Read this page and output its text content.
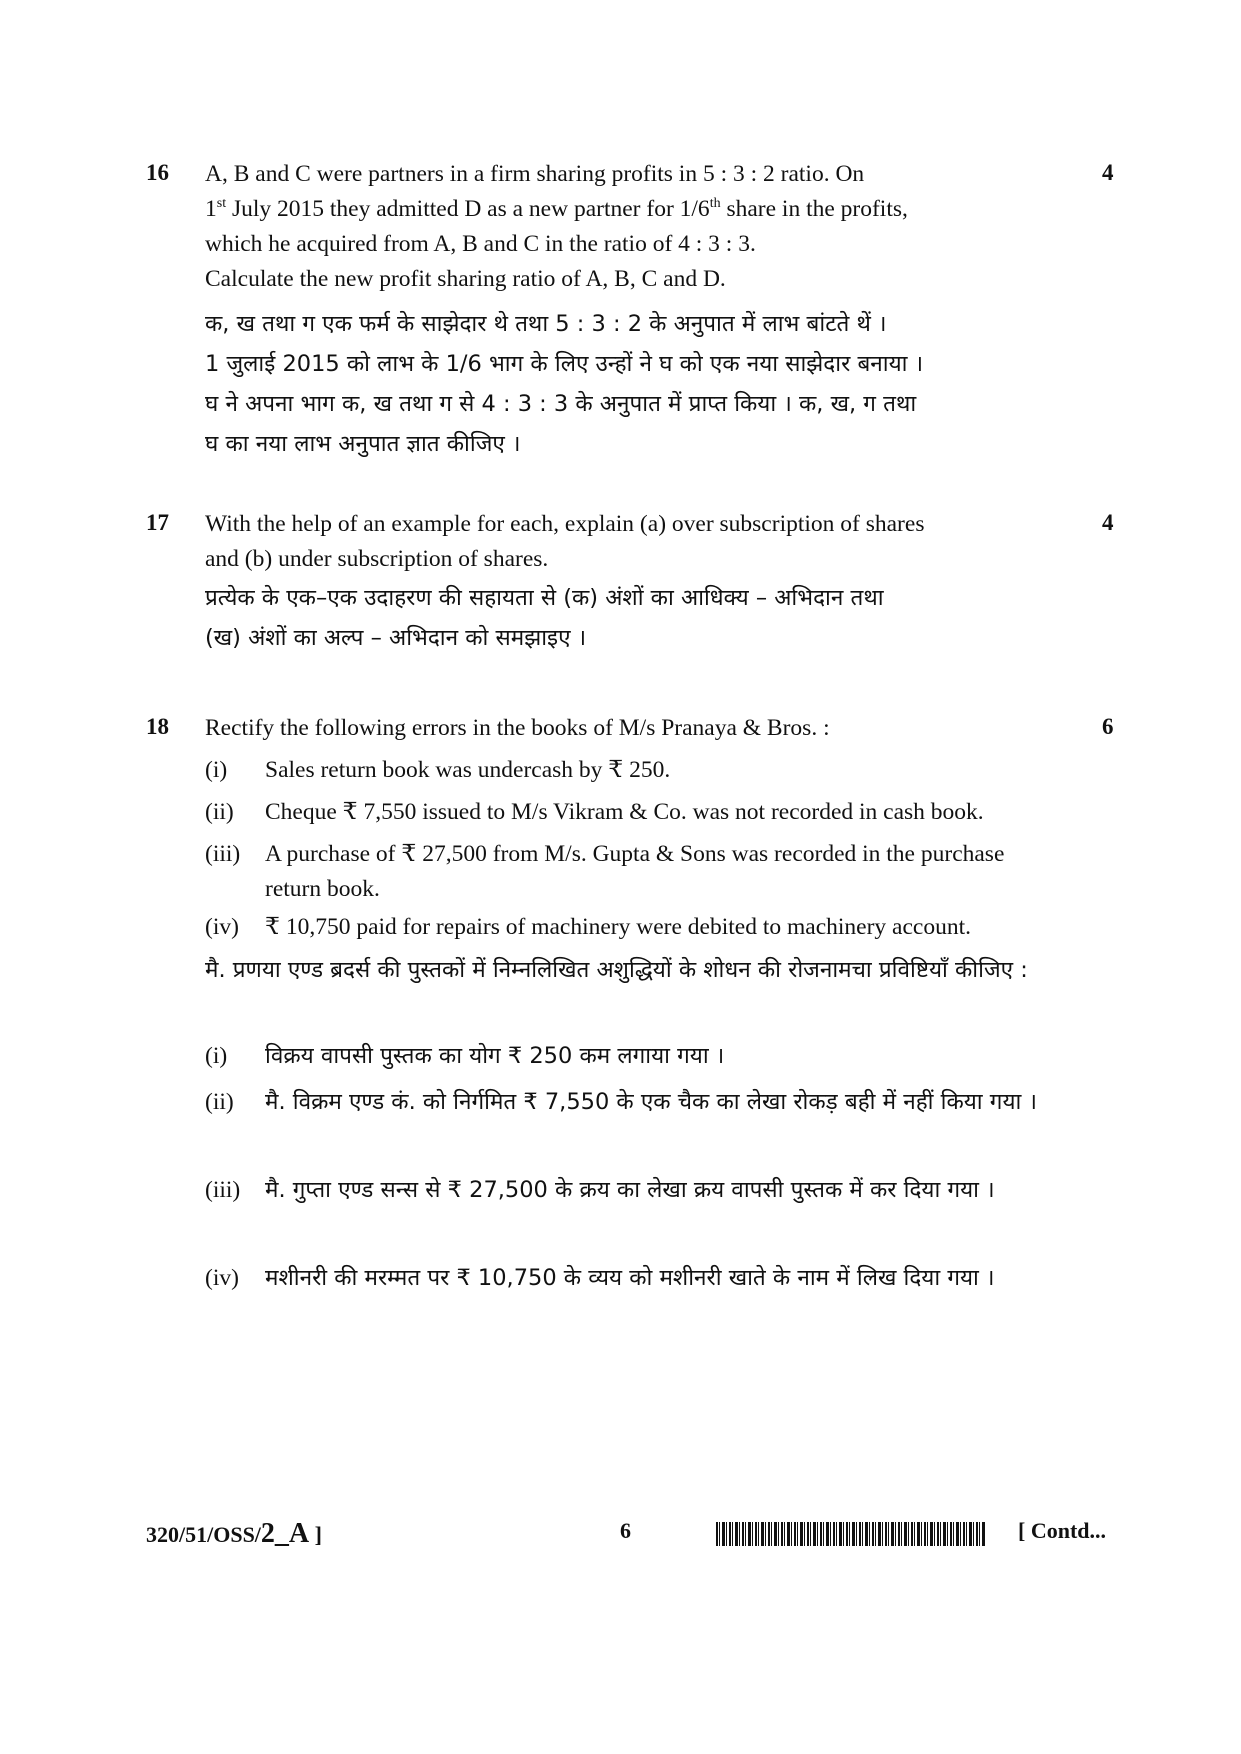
16	4
A, B and C were partners in a firm sharing profits in 5 : 3 : 2 ratio. On
1st July 2015 they admitted D as a new partner for 1/6th share in the profits,
which he acquired from A, B and C in the ratio of 4 : 3 : 3.
Calculate the new profit sharing ratio of A, B, C and D.
क, ख तथा ग एक फर्म के साझेदार थे तथा 5 : 3 : 2 के अनुपात में लाभ बांटते थें ।
1 जुलाई 2015 को लाभ के 1/6 भाग के लिए उन्हों ने घ को एक नया साझेदार बनाया ।
घ ने अपना भाग क, ख तथा ग से 4 : 3 : 3 के अनुपात में प्राप्त किया । क, ख, ग तथा
घ का नया लाभ अनुपात ज्ञात कीजिए ।
17	4
With the help of an example for each, explain (a) over subscription of shares
and (b) under subscription of shares.
प्रत्येक के एक–एक उदाहरण की सहायता से (क) अंशों का आधिक्य – अभिदान तथा
(ख) अंशों का अल्प – अभिदान को समझाइए ।
18	6
Rectify the following errors in the books of M/s Pranaya & Bros. :
(i) Sales return book was undercash by ₹ 250.
(ii) Cheque ₹ 7,550 issued to M/s Vikram & Co. was not recorded in cash book.
(iii) A purchase of ₹ 27,500 from M/s. Gupta & Sons was recorded in the purchase return book.
(iv) ₹ 10,750 paid for repairs of machinery were debited to machinery account.
मै. प्रणया एण्ड ब्रदर्स की पुस्तकों में निम्नलिखित अशुद्धियों के शोधन की रोजनामचा प्रविष्टियाँ कीजिए :
(i) विक्रय वापसी पुस्तक का योग ₹ 250 कम लगाया गया ।
(ii) मै. विक्रम एण्ड कं. को निर्गमित ₹ 7,550 के एक चैक का लेखा रोकड़ बही में नहीं किया गया ।
(iii) मै. गुप्ता एण्ड सन्स से ₹ 27,500 के क्रय का लेखा क्रय वापसी पुस्तक में कर दिया गया ।
(iv) मशीनरी की मरम्मत पर ₹ 10,750 के व्यय को मशीनरी खाते के नाम में लिख दिया गया ।
320/51/OSS/2_A ]	6	[ Contd...
